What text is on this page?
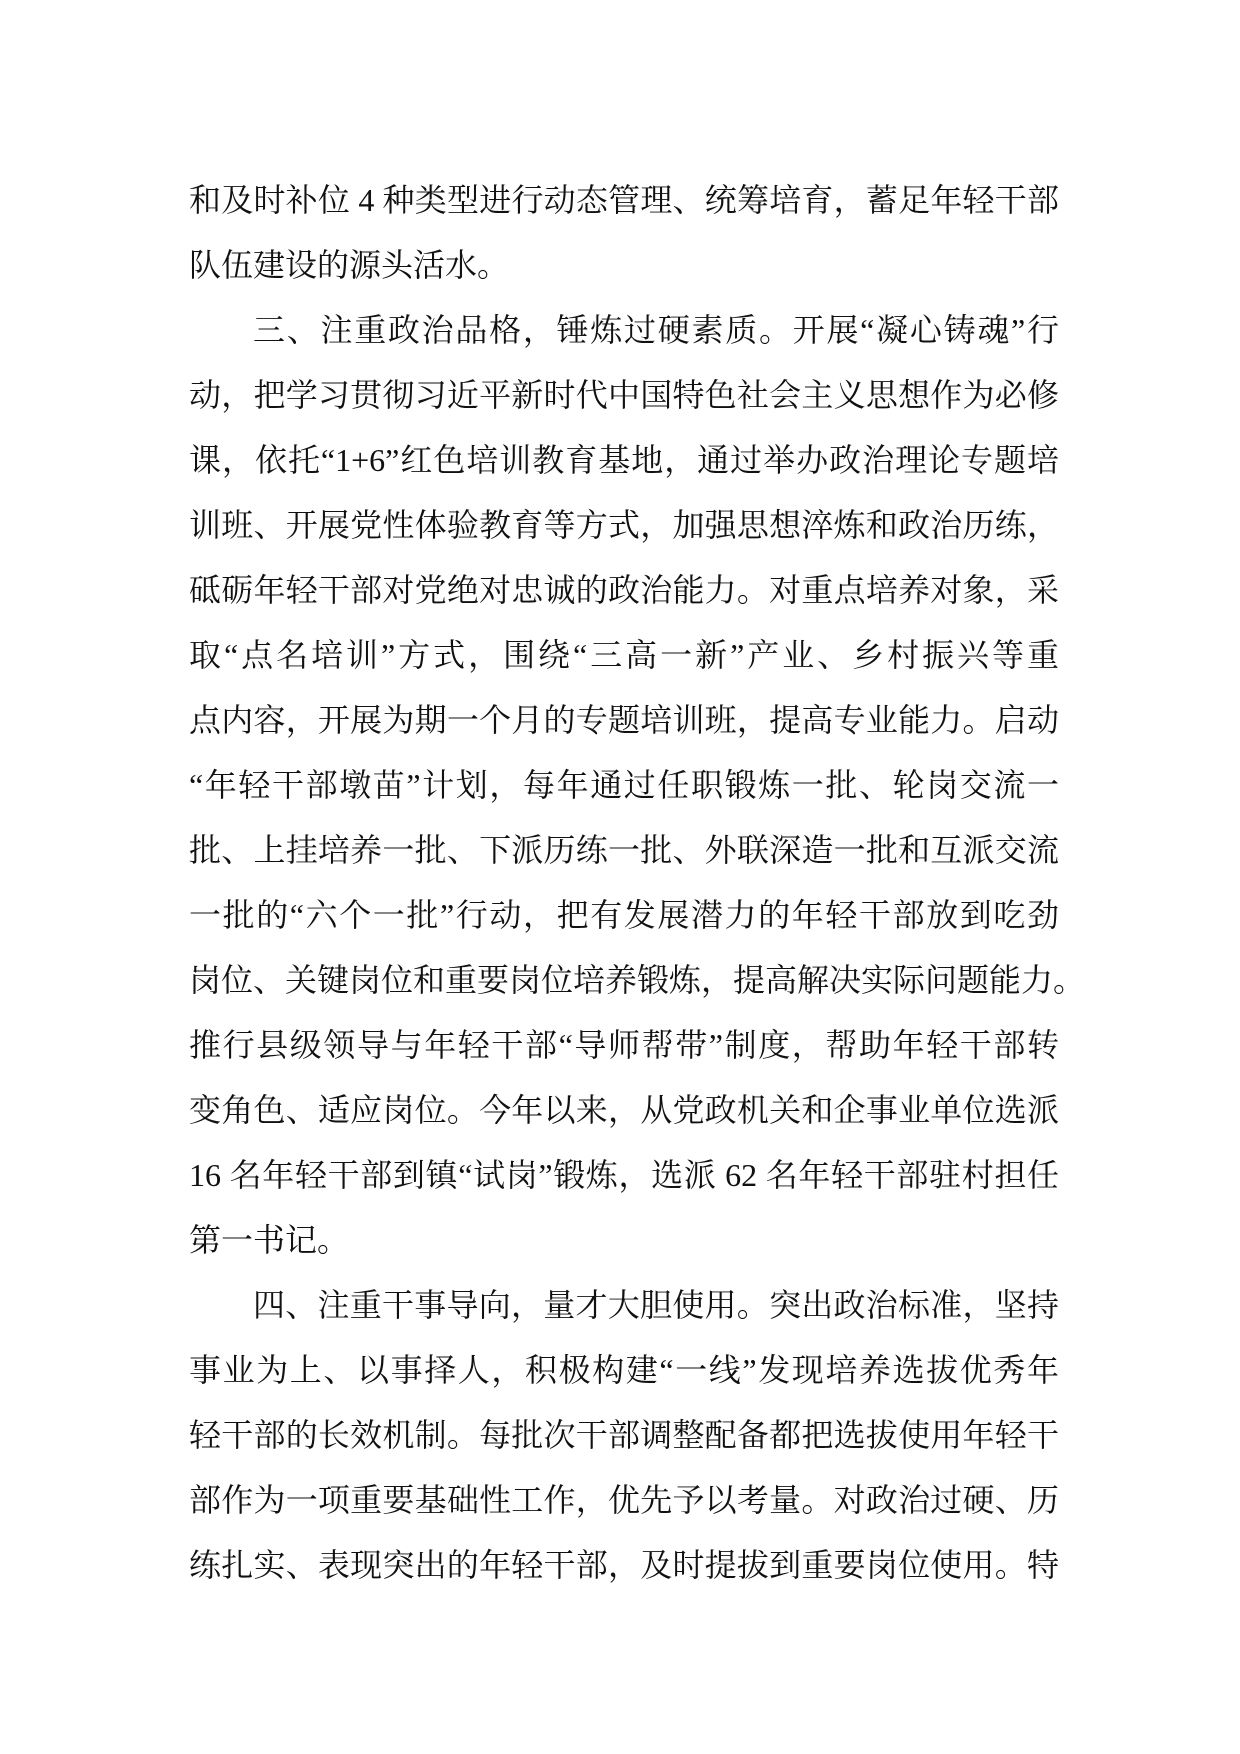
和及时补位 4 种类型进行动态管理、统筹培育，蓄足年轻干部
队伍建设的源头活水。
三、注重政治品格，锤炼过硬素质。开展“凝心铸魂”行
动，把学习贯彻习近平新时代中国特色社会主义思想作为必修
课，依托“1+6”红色培训教育基地，通过举办政治理论专题培
训班、开展党性体验教育等方式，加强思想淬炼和政治历练，
砥砺年轻干部对党绝对忠诚的政治能力。对重点培养对象，采
取“点名培训”方式，围绕“三高一新”产业、乡村振兴等重
点内容，开展为期一个月的专题培训班，提高专业能力。启动
“年轻干部墩苗”计划，每年通过任职锻炼一批、轮岗交流一
批、上挂培养一批、下派历练一批、外联深造一批和互派交流
一批的“六个一批”行动，把有发展潜力的年轻干部放到吃劲
岗位、关键岗位和重要岗位培养锻炼，提高解决实际问题能力。
推行县级领导与年轻干部“导师帮带”制度，帮助年轻干部转
变角色、适应岗位。今年以来，从党政机关和企事业单位选派
16 名年轻干部到镇“试岗”锻炼，选派 62 名年轻干部驻村担任
第一书记。
四、注重干事导向，量才大胆使用。突出政治标准，坚持
事业为上、以事择人，积极构建“一线”发现培养选拔优秀年
轻干部的长效机制。每批次干部调整配备都把选拔使用年轻干
部作为一项重要基础性工作，优先予以考量。对政治过硬、历
练扎实、表现突出的年轻干部，及时提拔到重要岗位使用。特
